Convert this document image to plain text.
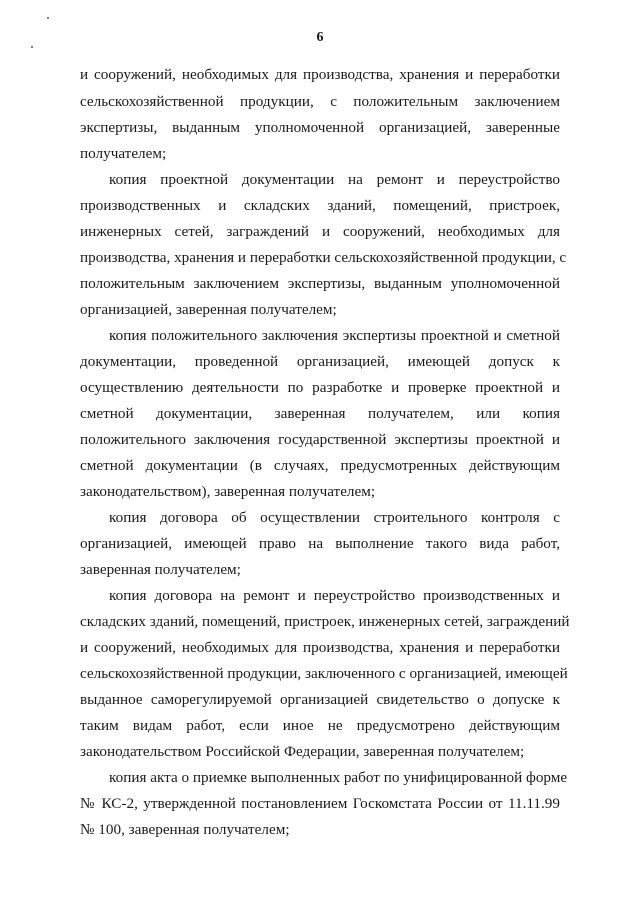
6
и сооружений, необходимых для производства, хранения и переработки
сельскохозяйственной продукции, с положительным заключением
экспертизы, выданным уполномоченной организацией, заверенные
получателем;
копия проектной документации на ремонт и переустройство
производственных и складских зданий, помещений, пристроек,
инженерных сетей, заграждений и сооружений, необходимых для
производства, хранения и переработки сельскохозяйственной продукции, с
положительным заключением экспертизы, выданным уполномоченной
организацией, заверенная получателем;
копия положительного заключения экспертизы проектной и сметной
документации, проведенной организацией, имеющей допуск к
осуществлению деятельности по разработке и проверке проектной и
сметной документации, заверенная получателем, или копия
положительного заключения государственной экспертизы проектной и
сметной документации (в случаях, предусмотренных действующим
законодательством), заверенная получателем;
копия договора об осуществлении строительного контроля с
организацией, имеющей право на выполнение такого вида работ,
заверенная получателем;
копия договора на ремонт и переустройство производственных и
складских зданий, помещений, пристроек, инженерных сетей, заграждений
и сооружений, необходимых для производства, хранения и переработки
сельскохозяйственной продукции, заключенного с организацией, имеющей
выданное саморегулируемой организацией свидетельство о допуске к
таким видам работ, если иное не предусмотрено действующим
законодательством Российской Федерации, заверенная получателем;
копия акта о приемке выполненных работ по унифицированной форме
№ КС-2, утвержденной постановлением Госкомстата России от 11.11.99
№ 100, заверенная получателем;
